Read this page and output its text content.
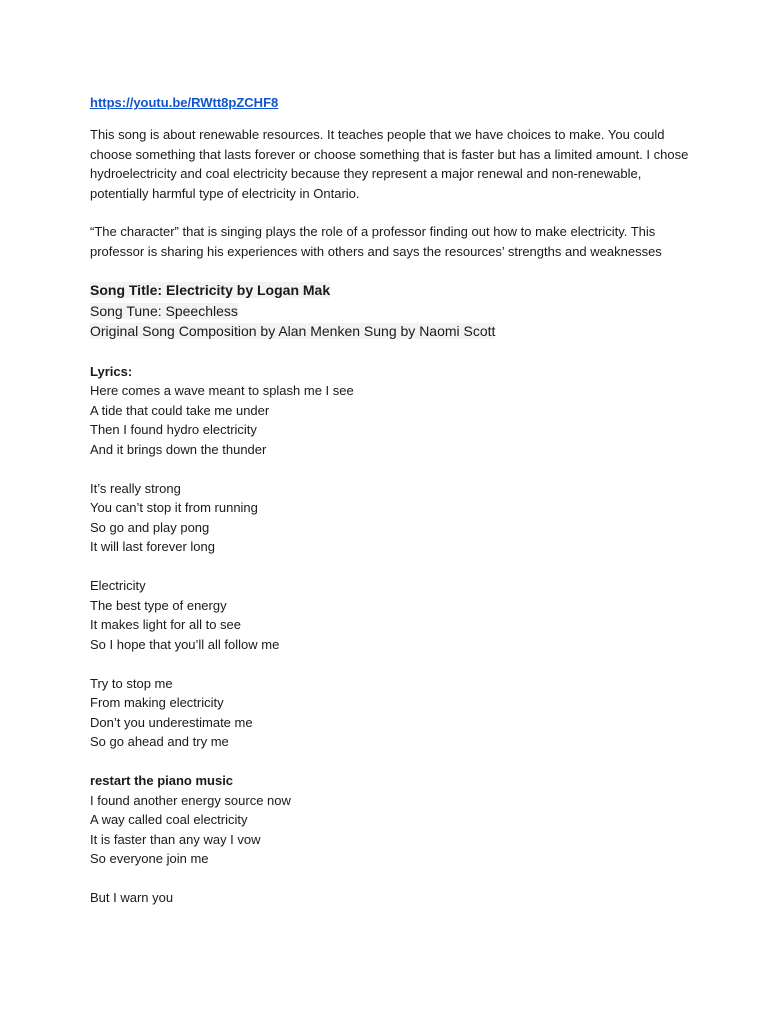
https://youtu.be/RWtt8pZCHF8

This song is about renewable resources. It teaches people that we have choices to make. You could choose something that lasts forever or choose something that is faster but has a limited amount. I chose hydroelectricity and coal electricity because they represent a major renewal and non-renewable, potentially harmful type of electricity in Ontario.

“The character” that is singing plays the role of a professor finding out how to make electricity. This professor is sharing his experiences with others and says the resources’ strengths and weaknesses

Song Title: Electricity by Logan Mak

Song Tune: Speechless

Original Song Composition by Alan Menken Sung by Naomi Scott

Lyrics:

Here comes a wave meant to splash me I see

A tide that could take me under

Then I found hydro electricity

And it brings down the thunder

It’s really strong

You can’t stop it from running

So go and play pong

It will last forever long

Electricity

The best type of energy

It makes light for all to see

So I hope that you’ll all follow me

Try to stop me

From making electricity

Don’t you underestimate me

So go ahead and try me

restart the piano music

I found another energy source now

A way called coal electricity

It is faster than any way I vow

So everyone join me

But I warn you
